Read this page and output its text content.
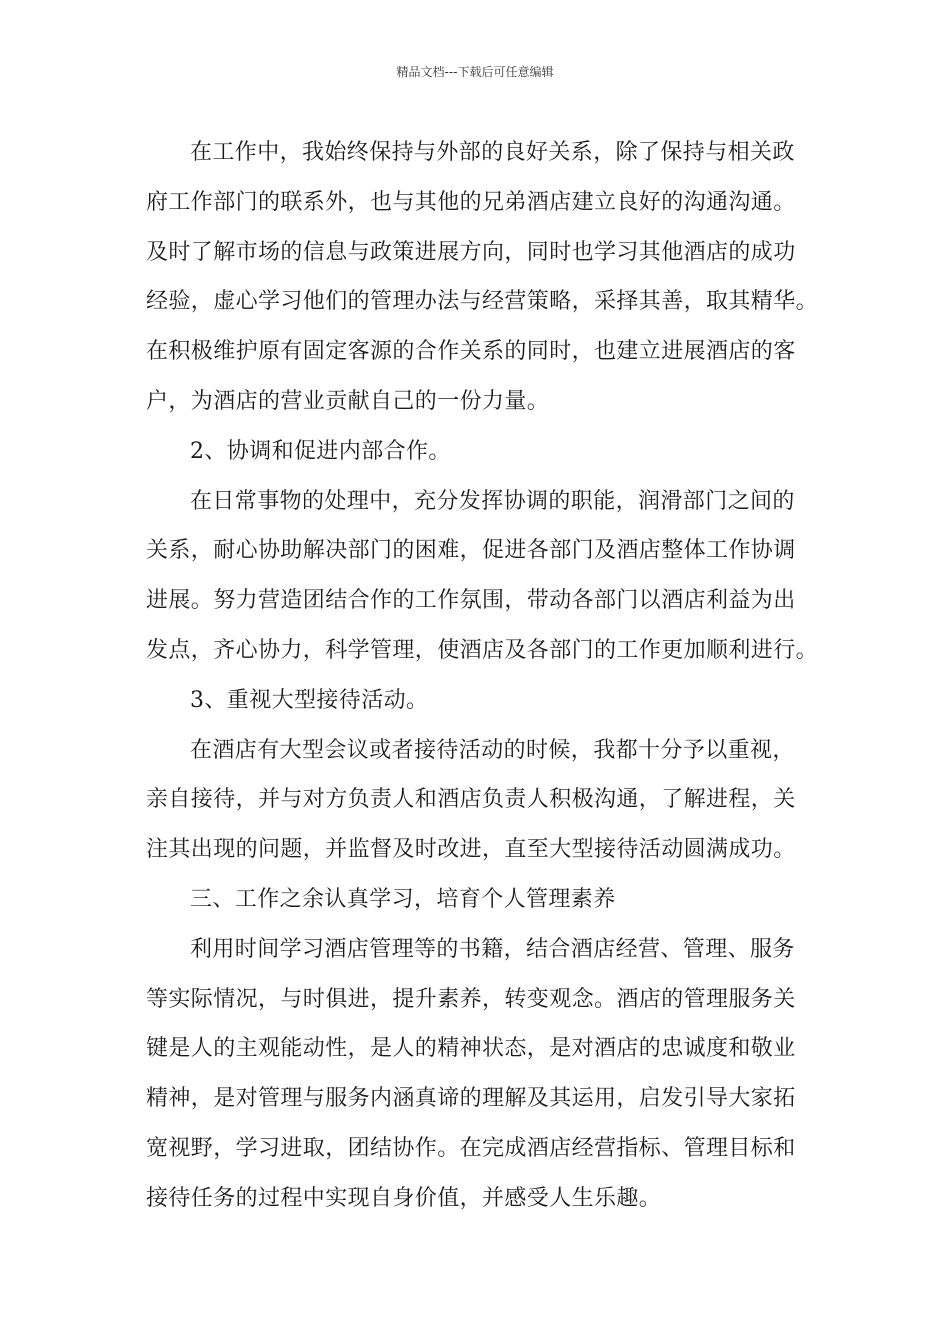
精品文档---下载后可任意编辑
在工作中，我始终保持与外部的良好关系，除了保持与相关政
府工作部门的联系外，也与其他的兄弟酒店建立良好的沟通沟通。
及时了解市场的信息与政策进展方向，同时也学习其他酒店的成功
经验，虚心学习他们的管理办法与经营策略，采择其善，取其精华。
在积极维护原有固定客源的合作关系的同时，也建立进展酒店的客
户，为酒店的营业贡献自己的一份力量。
2、协调和促进内部合作。
在日常事物的处理中，充分发挥协调的职能，润滑部门之间的
关系，耐心协助解决部门的困难，促进各部门及酒店整体工作协调
进展。努力营造团结合作的工作氛围，带动各部门以酒店利益为出
发点，齐心协力，科学管理，使酒店及各部门的工作更加顺利进行。
3、重视大型接待活动。
在酒店有大型会议或者接待活动的时候，我都十分予以重视，
亲自接待，并与对方负责人和酒店负责人积极沟通，了解进程，关
注其出现的问题，并监督及时改进，直至大型接待活动圆满成功。
三、工作之余认真学习，培育个人管理素养
利用时间学习酒店管理等的书籍，结合酒店经营、管理、服务
等实际情况，与时俱进，提升素养，转变观念。酒店的管理服务关
键是人的主观能动性，是人的精神状态，是对酒店的忠诚度和敬业
精神，是对管理与服务内涵真谛的理解及其运用，启发引导大家拓
宽视野，学习进取，团结协作。在完成酒店经营指标、管理目标和
接待任务的过程中实现自身价值，并感受人生乐趣。
